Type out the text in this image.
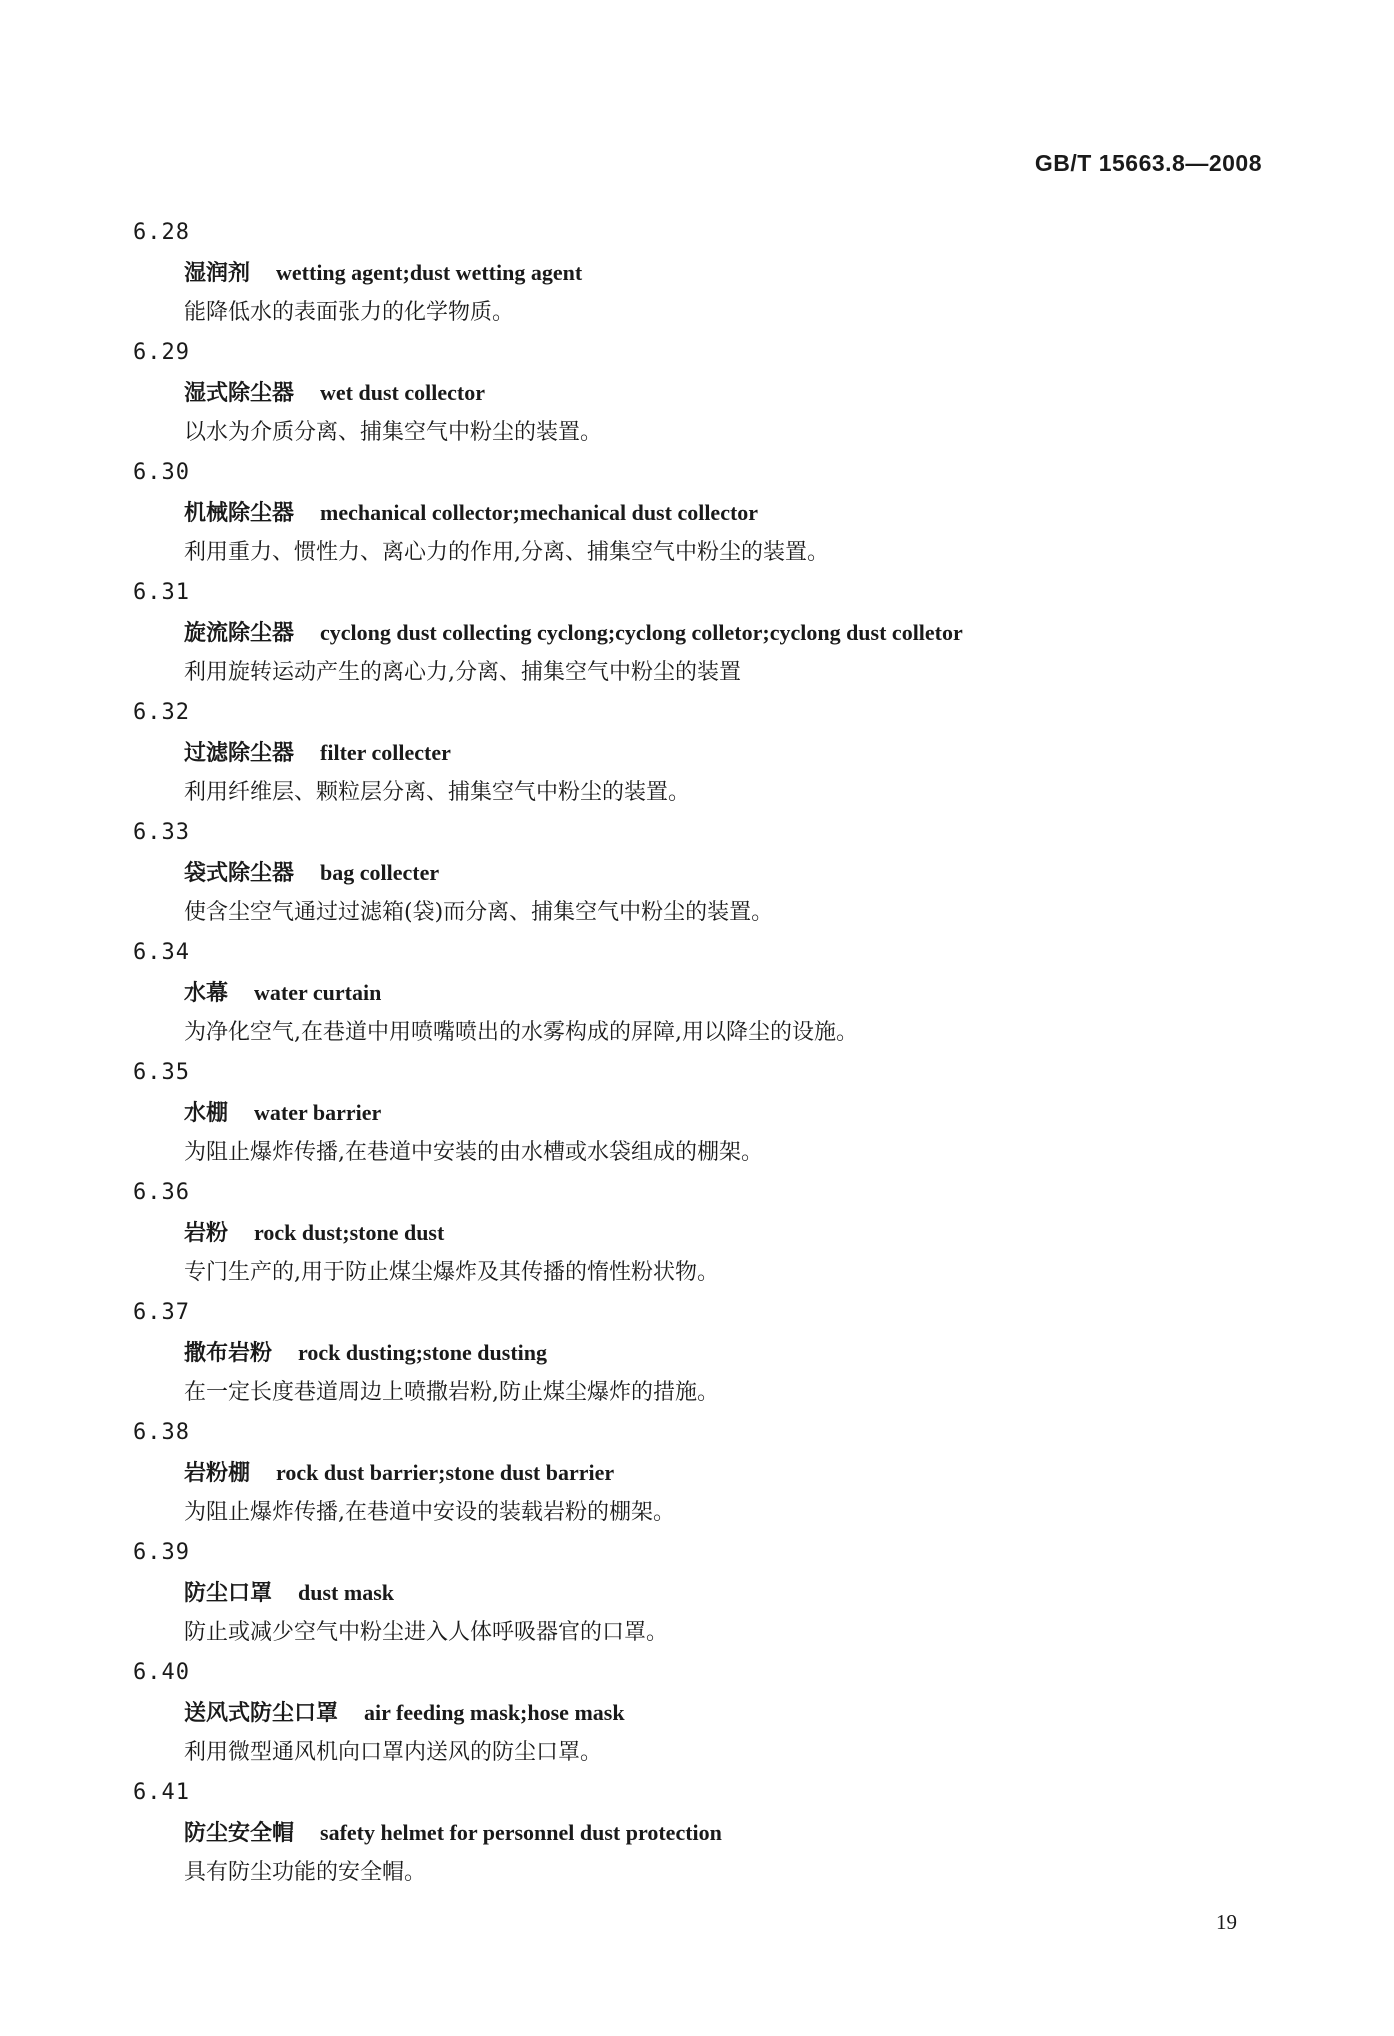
GB/T 15663.8—2008
6.28
湿润剂 wetting agent;dust wetting agent
能降低水的表面张力的化学物质。
6.29
湿式除尘器 wet dust collector
以水为介质分离、捕集空气中粉尘的装置。
6.30
机械除尘器 mechanical collector;mechanical dust collector
利用重力、惯性力、离心力的作用,分离、捕集空气中粉尘的装置。
6.31
旋流除尘器 cyclong dust collecting cyclong;cyclong colletor;cyclong dust colletor
利用旋转运动产生的离心力,分离、捕集空气中粉尘的装置
6.32
过滤除尘器 filter collecter
利用纤维层、颗粒层分离、捕集空气中粉尘的装置。
6.33
袋式除尘器 bag collecter
使含尘空气通过过滤箱(袋)而分离、捕集空气中粉尘的装置。
6.34
水幕 water curtain
为净化空气,在巷道中用喷嘴喷出的水雾构成的屏障,用以降尘的设施。
6.35
水棚 water barrier
为阻止爆炸传播,在巷道中安装的由水槽或水袋组成的棚架。
6.36
岩粉 rock dust;stone dust
专门生产的,用于防止煤尘爆炸及其传播的惰性粉状物。
6.37
撒布岩粉 rock dusting;stone dusting
在一定长度巷道周边上喷撒岩粉,防止煤尘爆炸的措施。
6.38
岩粉棚 rock dust barrier;stone dust barrier
为阻止爆炸传播,在巷道中安设的装载岩粉的棚架。
6.39
防尘口罩 dust mask
防止或减少空气中粉尘进入人体呼吸器官的口罩。
6.40
送风式防尘口罩 air feeding mask;hose mask
利用微型通风机向口罩内送风的防尘口罩。
6.41
防尘安全帽 safety helmet for personnel dust protection
具有防尘功能的安全帽。
19
